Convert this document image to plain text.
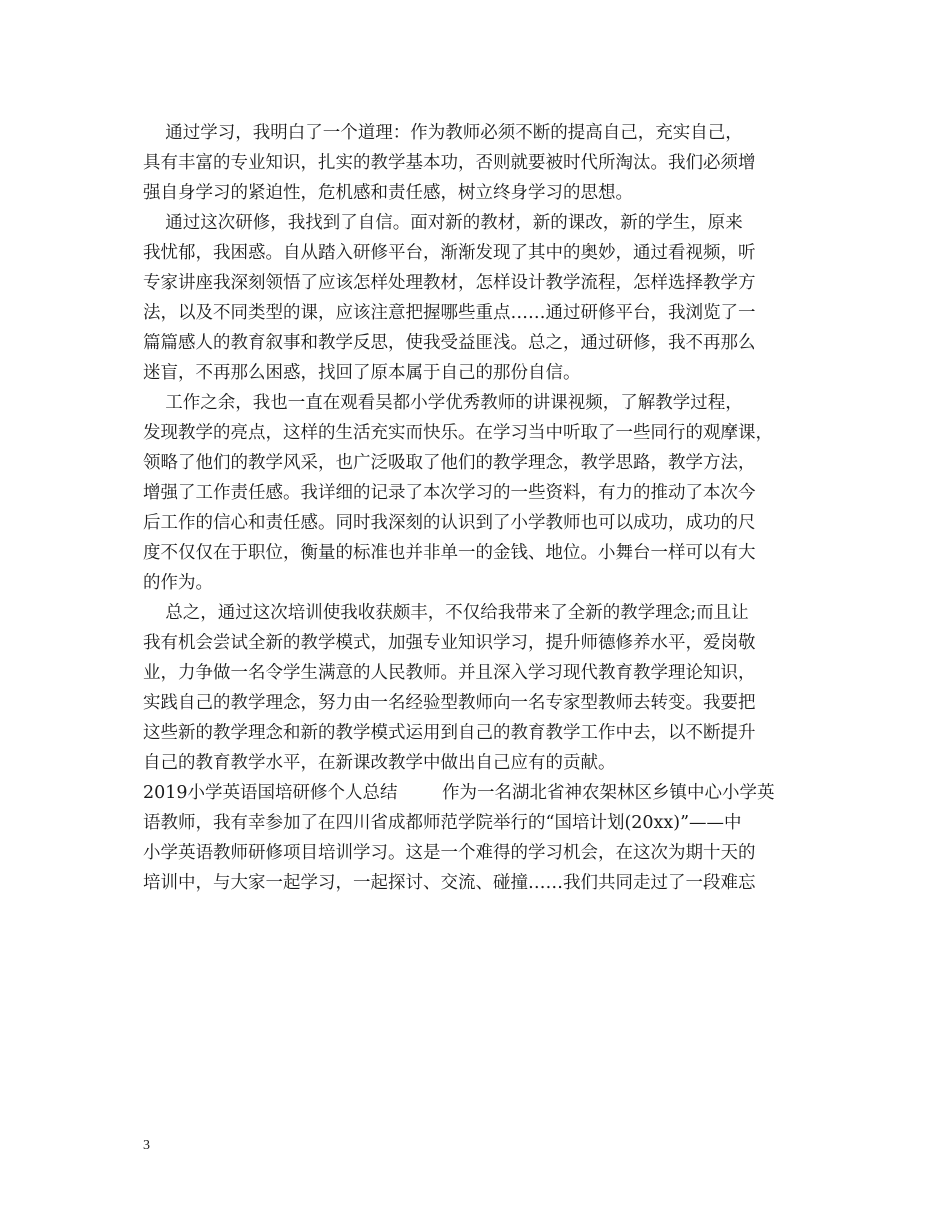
通过学习，我明白了一个道理：作为教师必须不断的提高自己，充实自己，
具有丰富的专业知识，扎实的教学基本功，否则就要被时代所淘汰。我们必须增
强自身学习的紧迫性，危机感和责任感，树立终身学习的思想。
通过这次研修，我找到了自信。面对新的教材，新的课改，新的学生，原来
我忧郁，我困惑。自从踏入研修平台，渐渐发现了其中的奥妙，通过看视频，听
专家讲座我深刻领悟了应该怎样处理教材，怎样设计教学流程，怎样选择教学方
法，以及不同类型的课，应该注意把握哪些重点……通过研修平台，我浏览了一
篇篇感人的教育叙事和教学反思，使我受益匪浅。总之，通过研修，我不再那么
迷盲，不再那么困惑，找回了原本属于自己的那份自信。
工作之余，我也一直在观看吴都小学优秀教师的讲课视频，了解教学过程，
发现教学的亮点，这样的生活充实而快乐。在学习当中听取了一些同行的观摩课，
领略了他们的教学风采，也广泛吸取了他们的教学理念，教学思路，教学方法，
增强了工作责任感。我详细的记录了本次学习的一些资料，有力的推动了本次今
后工作的信心和责任感。同时我深刻的认识到了小学教师也可以成功，成功的尺
度不仅仅在于职位，衡量的标准也并非单一的金钱、地位。小舞台一样可以有大
的作为。
总之，通过这次培训使我收获颇丰，不仅给我带来了全新的教学理念;而且让
我有机会尝试全新的教学模式，加强专业知识学习，提升师德修养水平，爱岗敬
业，力争做一名令学生满意的人民教师。并且深入学习现代教育教学理论知识，
实践自己的教学理念，努力由一名经验型教师向一名专家型教师去转变。我要把
这些新的教学理念和新的教学模式运用到自己的教育教学工作中去，以不断提升
自己的教育教学水平，在新课改教学中做出自己应有的贡献。
2019小学英语国培研修个人总结        作为一名湖北省神农架林区乡镇中心小学英
语教师，我有幸参加了在四川省成都师范学院举行的“国培计划(20xx)”——中
小学英语教师研修项目培训学习。这是一个难得的学习机会，在这次为期十天的
培训中，与大家一起学习，一起探讨、交流、碰撞……我们共同走过了一段难忘
3
